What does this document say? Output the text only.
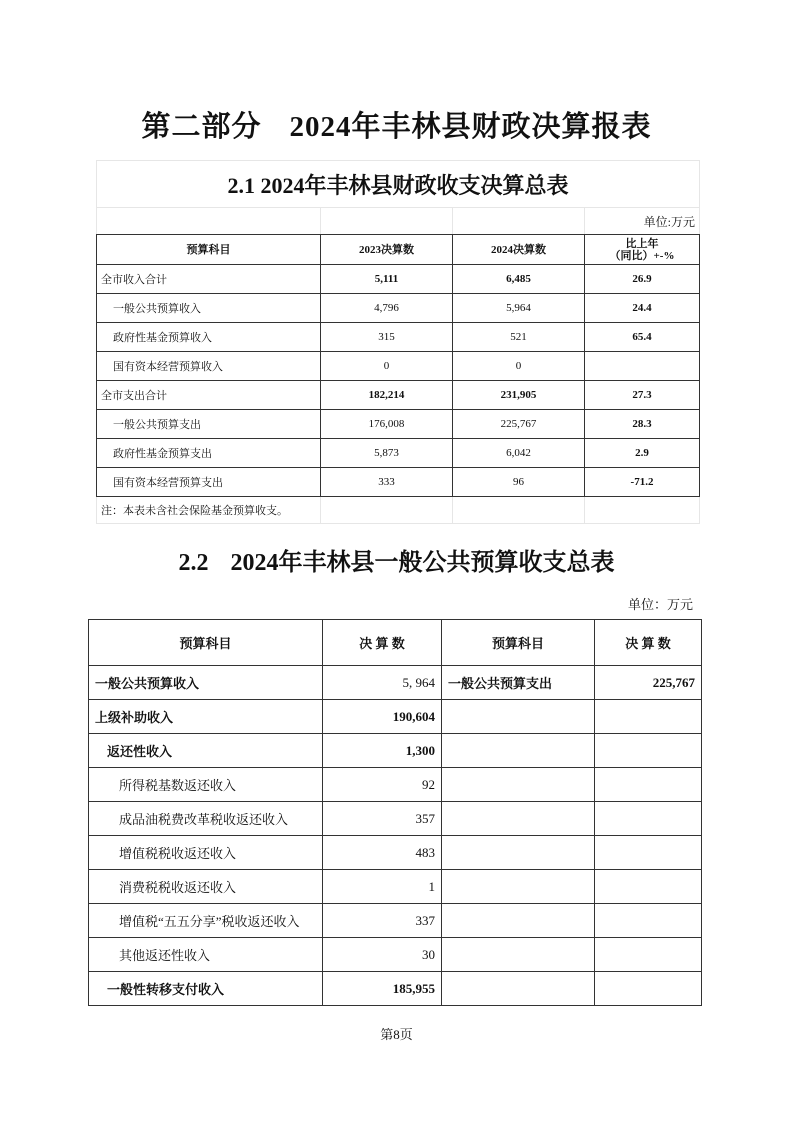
第二部分 2024年丰林县财政决算报表
2.1 2024年丰林县财政收支决算总表			
			单位:万元
预算科目	2023决算数	2024决算数	比上年
（同比）+-%
全市收入合计	5,111	6,485	26.9
一般公共预算收入	4,796	5,964	24.4
政府性基金预算收入	315	521	65.4
国有资本经营预算收入	0	0	
全市支出合计	182,214	231,905	27.3
一般公共预算支出	176,008	225,767	28.3
政府性基金预算支出	5,873	6,042	2.9
国有资本经营预算支出	333	96	-71.2
注：本表未含社会保险基金预算收支。			
2.2 2024年丰林县一般公共预算收支总表
单位：万元
预算科目	决 算 数	预算科目	决 算 数
一般公共预算收入	5, 964	一般公共预算支出	225,767
上级补助收入	190,604		
返还性收入	1,300		
所得税基数返还收入	92		
成品油税费改革税收返还收入	357		
增值税税收返还收入	483		
消费税税收返还收入	1		
增值税“五五分享”税收返还收入	337		
其他返还性收入	30		
一般性转移支付收入	185,955		
第8页
